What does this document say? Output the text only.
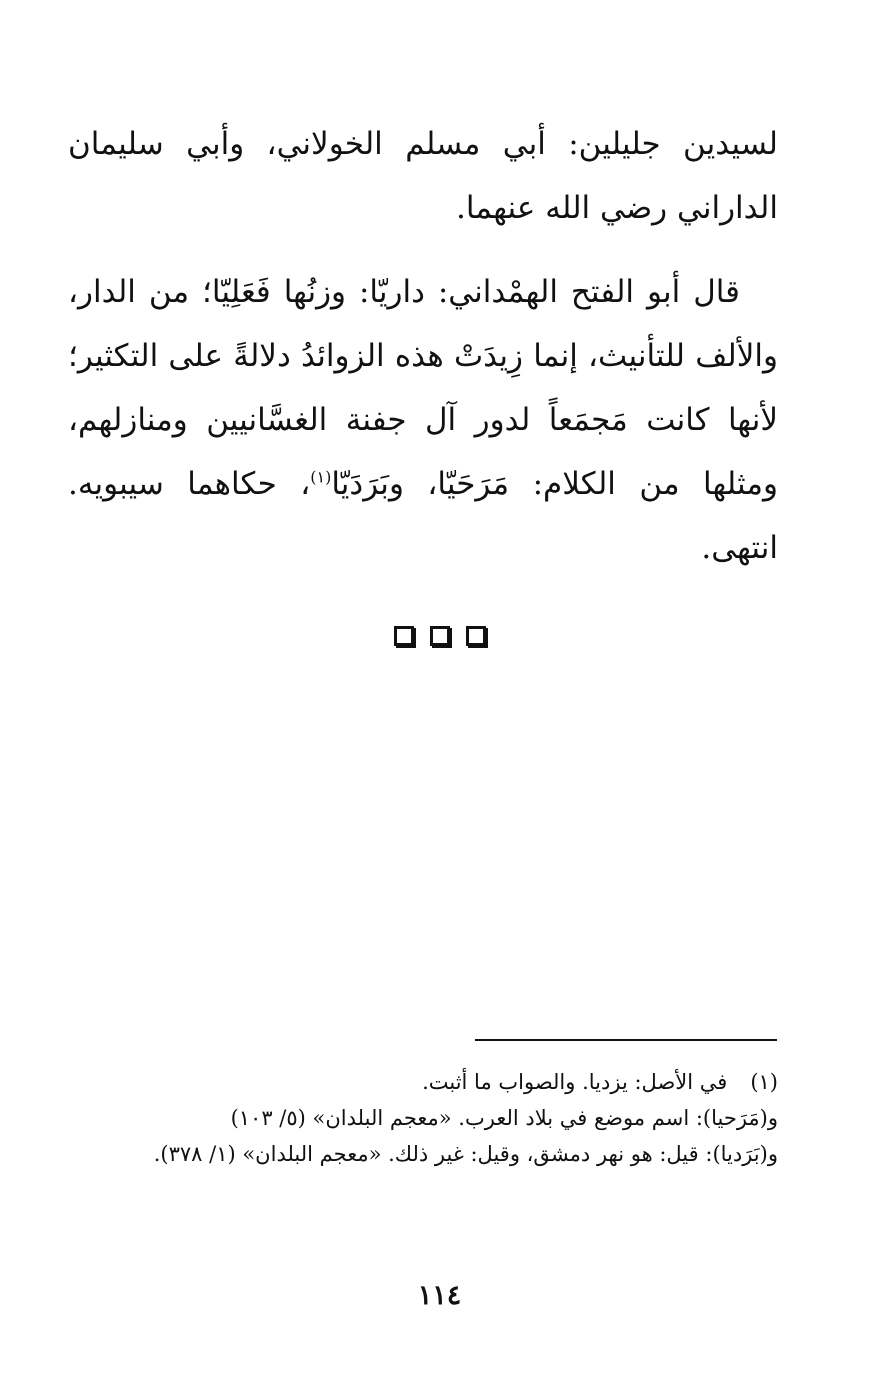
لسيدين جليلين: أبي مسلم الخولاني، وأبي سليمان الداراني رضي الله عنهما.

قال أبو الفتح الهمْداني: داريّا: وزنُها فَعَلِيّا؛ من الدار، والألف للتأنيث، إنما زِيدَتْ هذه الزوائدُ دلالةً على التكثير؛ لأنها كانت مَجمَعاً لدور آل جفنة الغسَّانيين ومنازلهم، ومثلها من الكلام: مَرَحَيّا، وبَرَدَيّا$^{(١)}$، حكاهما سيبويه. انتهى.

(١) في الأصل: يزديا. والصواب ما أثبت.

و(مَرَحيا): اسم موضع في بلاد العرب. «معجم البلدان» (٥/ ١٠٣)

و(بَرَديا): قيل: هو نهر دمشق، وقيل: غير ذلك. «معجم البلدان» (١/ ٣٧٨).

١١٤
